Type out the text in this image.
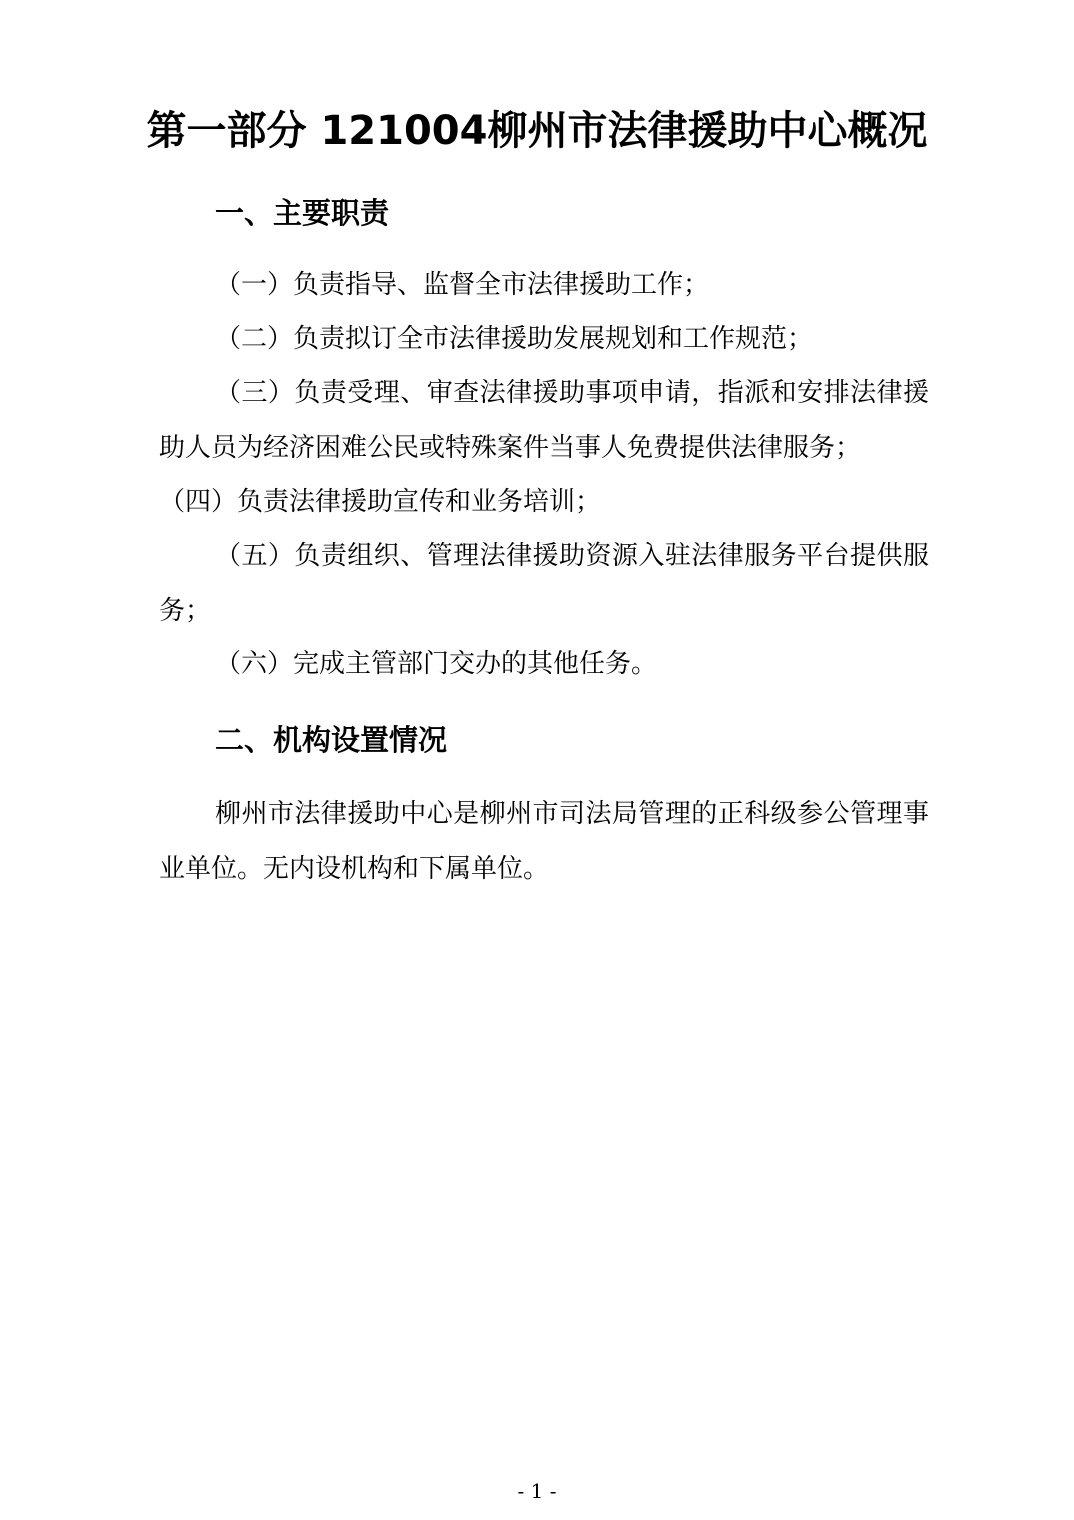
第一部分 121004柳州市法律援助中心概况
一、主要职责
（一）负责指导、监督全市法律援助工作；
（二）负责拟订全市法律援助发展规划和工作规范；
（三）负责受理、审查法律援助事项申请，指派和安排法律援助人员为经济困难公民或特殊案件当事人免费提供法律服务；
（四）负责法律援助宣传和业务培训；
（五）负责组织、管理法律援助资源入驻法律服务平台提供服务；
（六）完成主管部门交办的其他任务。
二、机构设置情况
柳州市法律援助中心是柳州市司法局管理的正科级参公管理事业单位。无内设机构和下属单位。
- 1 -
